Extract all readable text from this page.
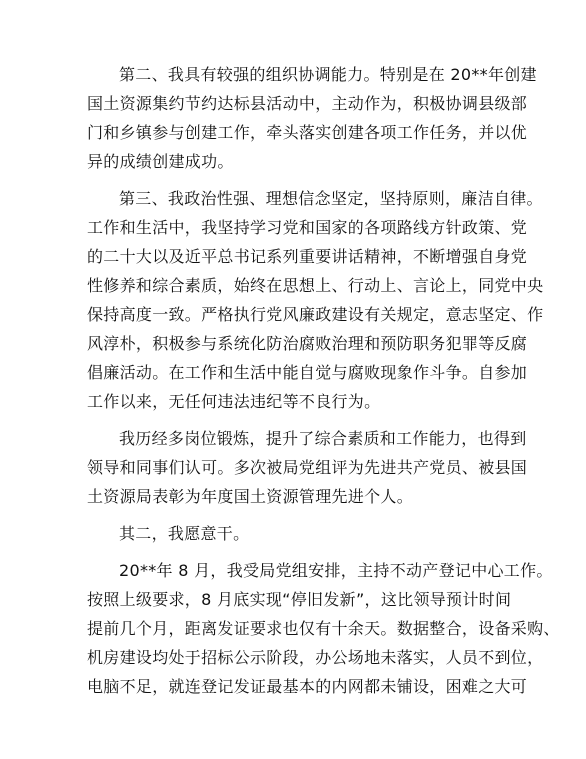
第二、我具有较强的组织协调能力。特别是在 20**年创建
国土资源集约节约达标县活动中，主动作为，积极协调县级部
门和乡镇参与创建工作，牵头落实创建各项工作任务，并以优
异的成绩创建成功。

第三、我政治性强、理想信念坚定，坚持原则，廉洁自律。
工作和生活中，我坚持学习党和国家的各项路线方针政策、党
的二十大以及近平总书记系列重要讲话精神，不断增强自身党
性修养和综合素质，始终在思想上、行动上、言论上，同党中央
保持高度一致。严格执行党风廉政建设有关规定，意志坚定、作
风淳朴，积极参与系统化防治腐败治理和预防职务犯罪等反腐
倡廉活动。在工作和生活中能自觉与腐败现象作斗争。自参加
工作以来，无任何违法违纪等不良行为。

我历经多岗位锻炼，提升了综合素质和工作能力，也得到
领导和同事们认可。多次被局党组评为先进共产党员、被县国
土资源局表彰为年度国土资源管理先进个人。

其二，我愿意干。

20**年 8 月，我受局党组安排，主持不动产登记中心工作。
按照上级要求，8 月底实现“停旧发新”，这比领导预计时间
提前几个月，距离发证要求也仅有十余天。数据整合，设备采购、
机房建设均处于招标公示阶段，办公场地未落实，人员不到位，
电脑不足，就连登记发证最基本的内网都未铺设，困难之大可
